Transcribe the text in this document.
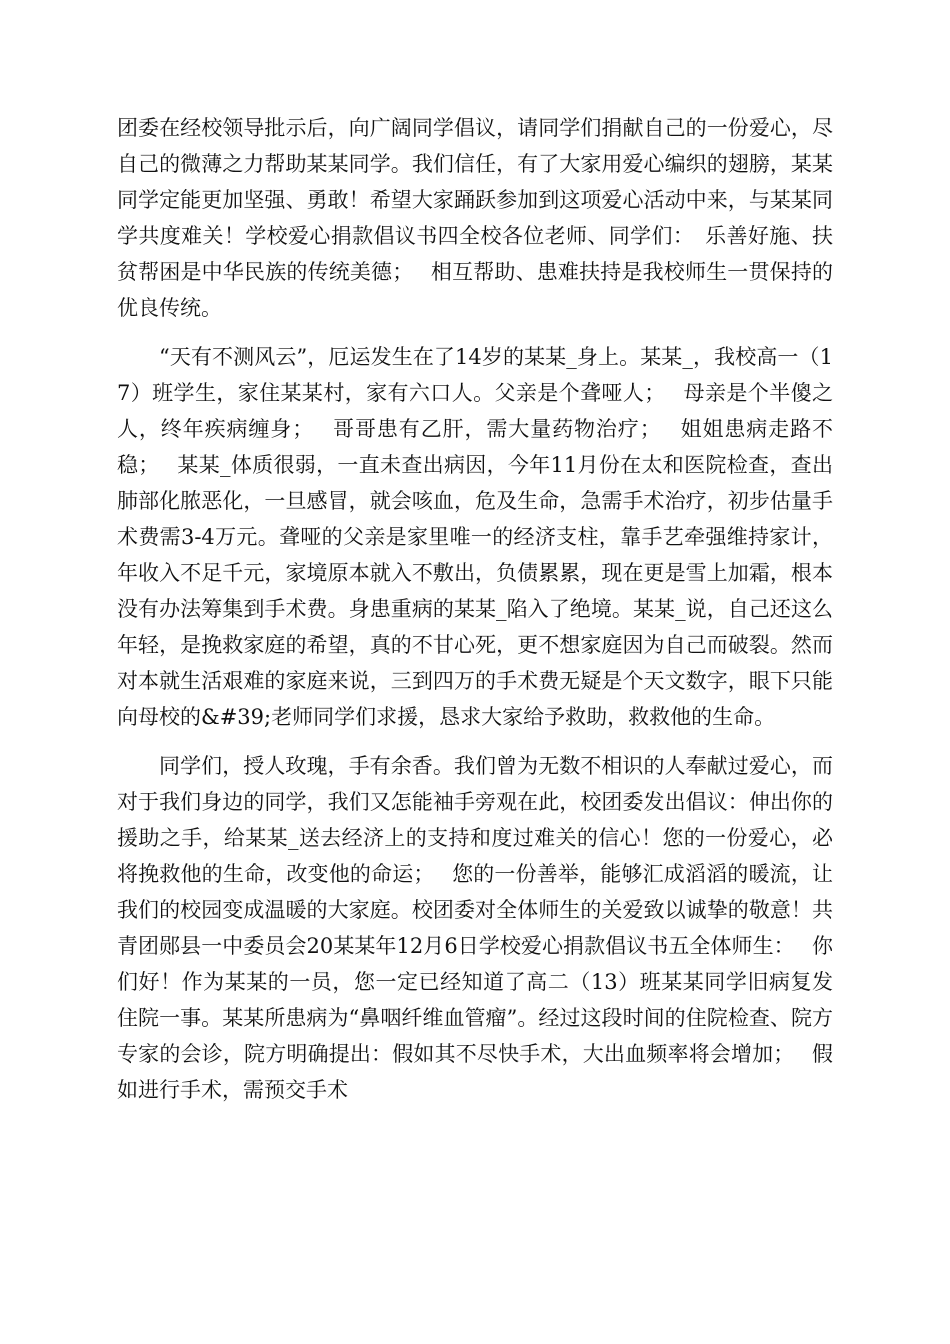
团委在经校领导批示后，向广阔同学倡议，请同学们捐献自己的一份爱心，尽自己的微薄之力帮助某某同学。我们信任，有了大家用爱心编织的翅膀，某某同学定能更加坚强、勇敢！希望大家踊跃参加到这项爱心活动中来，与某某同学共度难关！学校爱心捐款倡议书四全校各位老师、同学们：　乐善好施、扶贫帮困是中华民族的传统美德；　 相互帮助、患难扶持是我校师生一贯保持的优良传统。

“天有不测风云”，厄运发生在了14岁的某某_身上。某某_，我校高一（17）班学生，家住某某村，家有六口人。父亲是个聋哑人；　 母亲是个半傻之人，终年疾病缠身；　 哥哥患有乙肝，需大量药物治疗；　 姐姐患病走路不稳；　 某某_体质很弱，一直未查出病因，今年11月份在太和医院检查，查出肺部化脓恶化，一旦感冒，就会咳血，危及生命，急需手术治疗，初步估量手术费需3-4万元。聋哑的父亲是家里唯一的经济支柱，靠手艺牵强维持家计，年收入不足千元，家境原本就入不敷出，负债累累，现在更是雪上加霜，根本没有办法筹集到手术费。身患重病的某某_陷入了绝境。某某_说，自己还这么年轻，是挽救家庭的希望，真的不甘心死，更不想家庭因为自己而破裂。然而对本就生活艰难的家庭来说，三到四万的手术费无疑是个天文数字，眼下只能向母校的&#39;老师同学们求援，恳求大家给予救助，救救他的生命。

同学们，授人玫瑰，手有余香。我们曾为无数不相识的人奉献过爱心，而对于我们身边的同学，我们又怎能袖手旁观在此，校团委发出倡议：伸出你的援助之手，给某某_送去经济上的支持和度过难关的信心！您的一份爱心，必将挽救他的生命，改变他的命运；　 您的一份善举，能够汇成滔滔的暖流，让我们的校园变成温暖的大家庭。校团委对全体师生的关爱致以诚挚的敬意！共青团郧县一中委员会20某某年12月6日学校爱心捐款倡议书五全体师生：　 你们好！作为某某的一员，您一定已经知道了高二（13）班某某同学旧病复发住院一事。某某所患病为“鼻咽纤维血管瘤”。经过这段时间的住院检查、院方专家的会诊，院方明确提出：假如其不尽快手术，大出血频率将会增加；　 假如进行手术，需预交手术
